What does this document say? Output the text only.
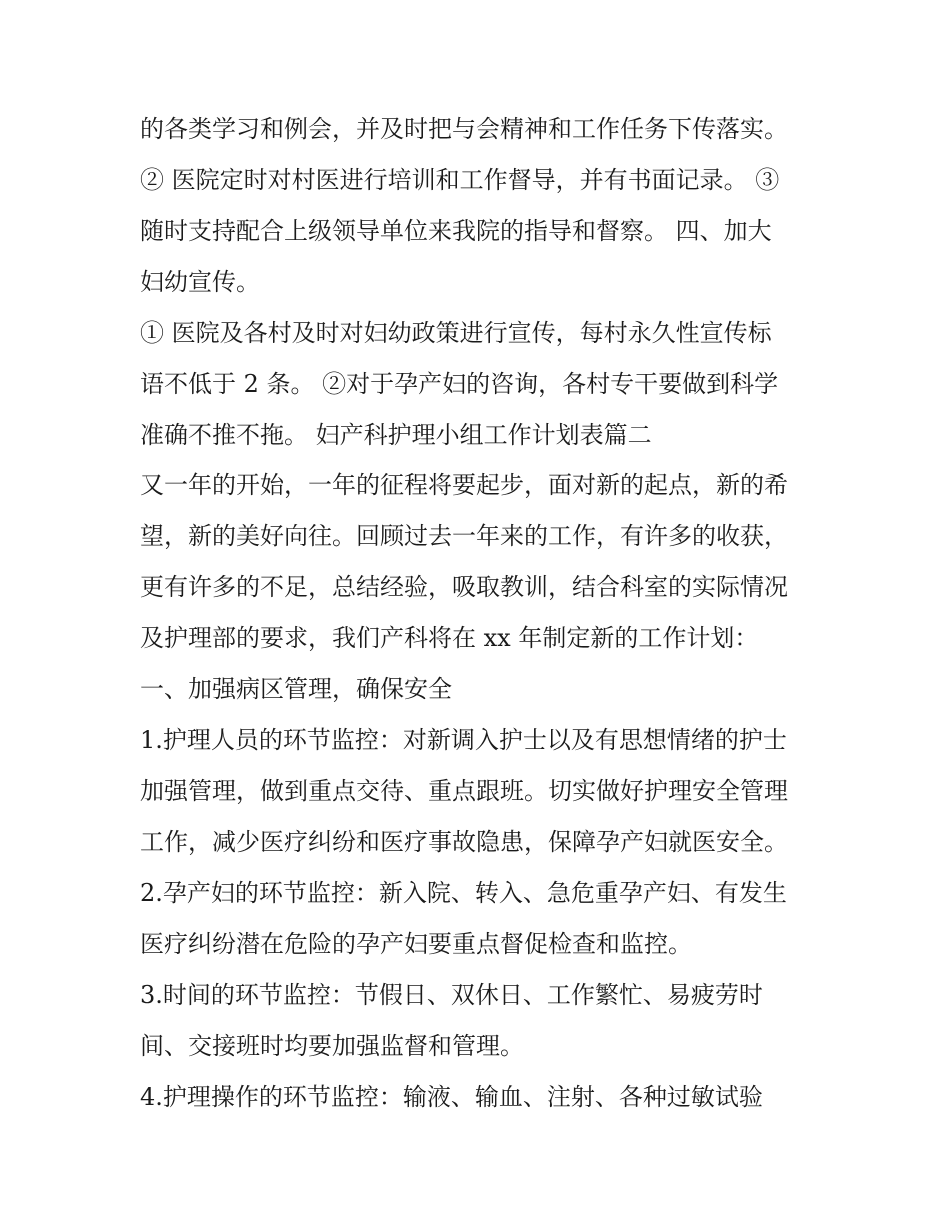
的各类学习和例会，并及时把与会精神和工作任务下传落实。
② 医院定时对村医进行培训和工作督导，并有书面记录。 ③
随时支持配合上级领导单位来我院的指导和督察。 四、加大
妇幼宣传。
① 医院及各村及时对妇幼政策进行宣传，每村永久性宣传标
语不低于 2 条。 ②对于孕产妇的咨询，各村专干要做到科学
准确不推不拖。 妇产科护理小组工作计划表篇二
又一年的开始，一年的征程将要起步，面对新的起点，新的希
望，新的美好向往。回顾过去一年来的工作，有许多的收获，
更有许多的不足，总结经验，吸取教训，结合科室的实际情况
及护理部的要求，我们产科将在 xx 年制定新的工作计划：
一、加强病区管理，确保安全
1.护理人员的环节监控：对新调入护士以及有思想情绪的护士
加强管理，做到重点交待、重点跟班。切实做好护理安全管理
工作，减少医疗纠纷和医疗事故隐患，保障孕产妇就医安全。
2.孕产妇的环节监控：新入院、转入、急危重孕产妇、有发生
医疗纠纷潜在危险的孕产妇要重点督促检查和监控。
3.时间的环节监控：节假日、双休日、工作繁忙、易疲劳时
间、交接班时均要加强监督和管理。
4.护理操作的环节监控：输液、输血、注射、各种过敏试验
